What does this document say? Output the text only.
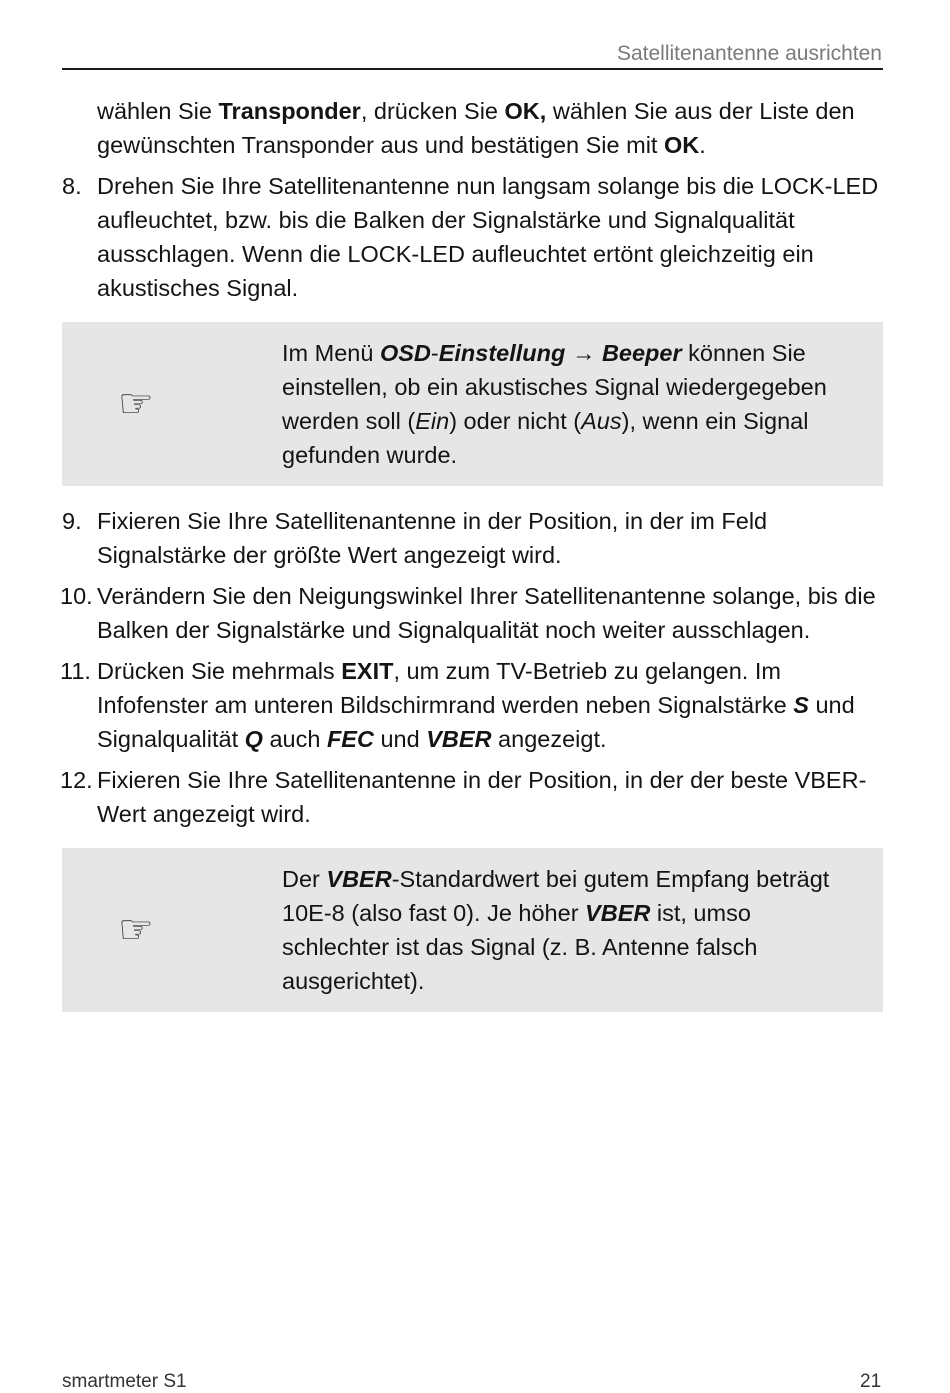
Satellitenantenne ausrichten

wählen Sie Transponder, drücken Sie OK, wählen Sie aus der Liste den gewünschten Transponder aus und bestätigen Sie mit OK.

8. Drehen Sie Ihre Satellitenantenne nun langsam solange bis die LOCK-LED aufleuchtet, bzw. bis die Balken der Signalstärke und Signalqualität ausschlagen. Wenn die LOCK-LED aufleuchtet ertönt gleichzeitig ein akustisches Signal.
☞
Im Menü OSD-Einstellung → Beeper können Sie einstellen, ob ein akustisches Signal wiedergegeben werden soll (Ein) oder nicht (Aus), wenn ein Signal gefunden wurde.
9. Fixieren Sie Ihre Satellitenantenne in der Position, in der im Feld Signalstärke der größte Wert angezeigt wird.
10. Verändern Sie den Neigungswinkel Ihrer Satellitenantenne solange, bis die Balken der Signalstärke und Signalqualität noch weiter ausschlagen.
11. Drücken Sie mehrmals EXIT, um zum TV-Betrieb zu gelangen. Im Infofenster am unteren Bildschirmrand werden neben Signalstärke S und Signalqualität Q auch FEC und VBER angezeigt.
12. Fixieren Sie Ihre Satellitenantenne in der Position, in der der beste VBER-Wert angezeigt wird.
☞
Der VBER-Standardwert bei gutem Empfang beträgt 10E-8 (also fast 0). Je höher VBER ist, umso schlechter ist das Signal (z. B. Antenne falsch ausgerichtet).
smartmeter S1	21
